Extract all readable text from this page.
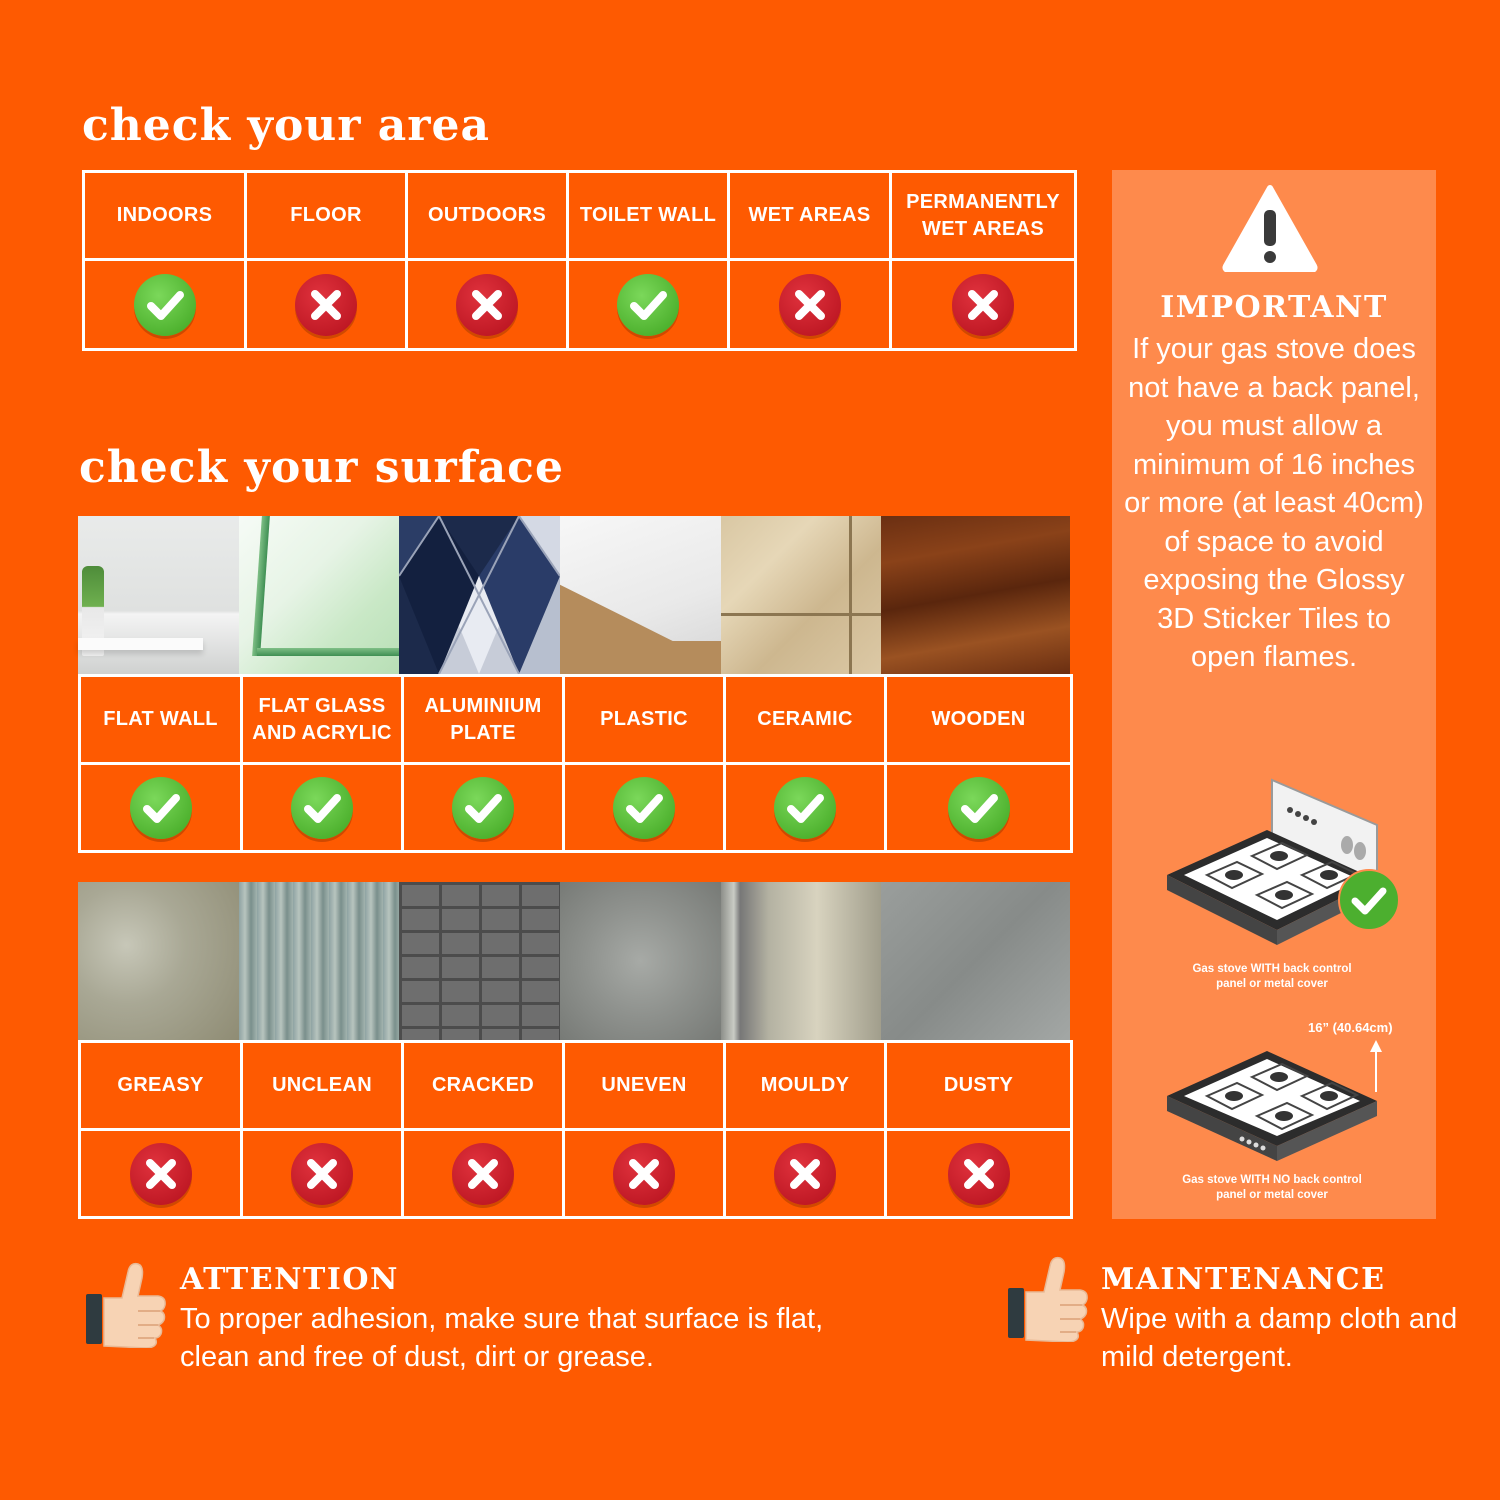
check your area
INDOORS	FLOOR	OUTDOORS	TOILET WALL	WET AREAS	PERMANENTLY WET AREAS

check your surface
FLAT WALL	FLAT GLASS AND ACRYLIC	ALUMINIUM PLATE	PLASTIC	CERAMIC	WOODEN

GREASY	UNCLEAN	CRACKED	UNEVEN	MOULDY	DUSTY

IMPORTANT
If your gas stove does not have a back panel, you must allow a minimum of 16 inches or more (at least 40cm) of space to avoid exposing the Glossy 3D Sticker Tiles to open flames.
Gas stove WITH back control panel or metal cover
16” (40.64cm)
Gas stove WITH NO back control panel or metal cover
ATTENTION
To proper adhesion, make sure that surface is flat, clean and free of dust, dirt or grease.
MAINTENANCE
Wipe with a damp cloth and mild detergent.
